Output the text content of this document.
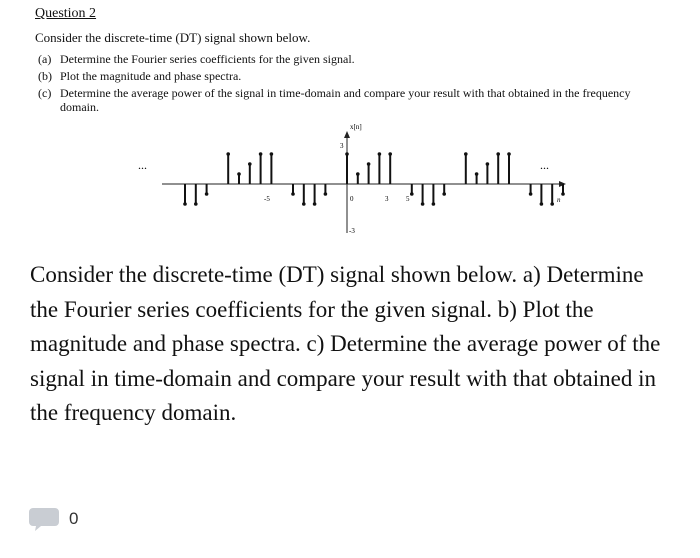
Question 2
Consider the discrete-time (DT) signal shown below.
(a) Determine the Fourier series coefficients for the given signal.
(b) Plot the magnitude and phase spectra.
(c) Determine the average power of the signal in time-domain and compare your result with that obtained in the frequency domain.
x[n]
n
...	...
3
-3
0	3	5
-5
Consider the discrete-time (DT) signal shown below. a) Determine the Fourier series coefficients for the given signal. b) Plot the magnitude and phase spectra. c) Determine the average power of the signal in time-domain and compare your result with that obtained in the frequency domain.
0
